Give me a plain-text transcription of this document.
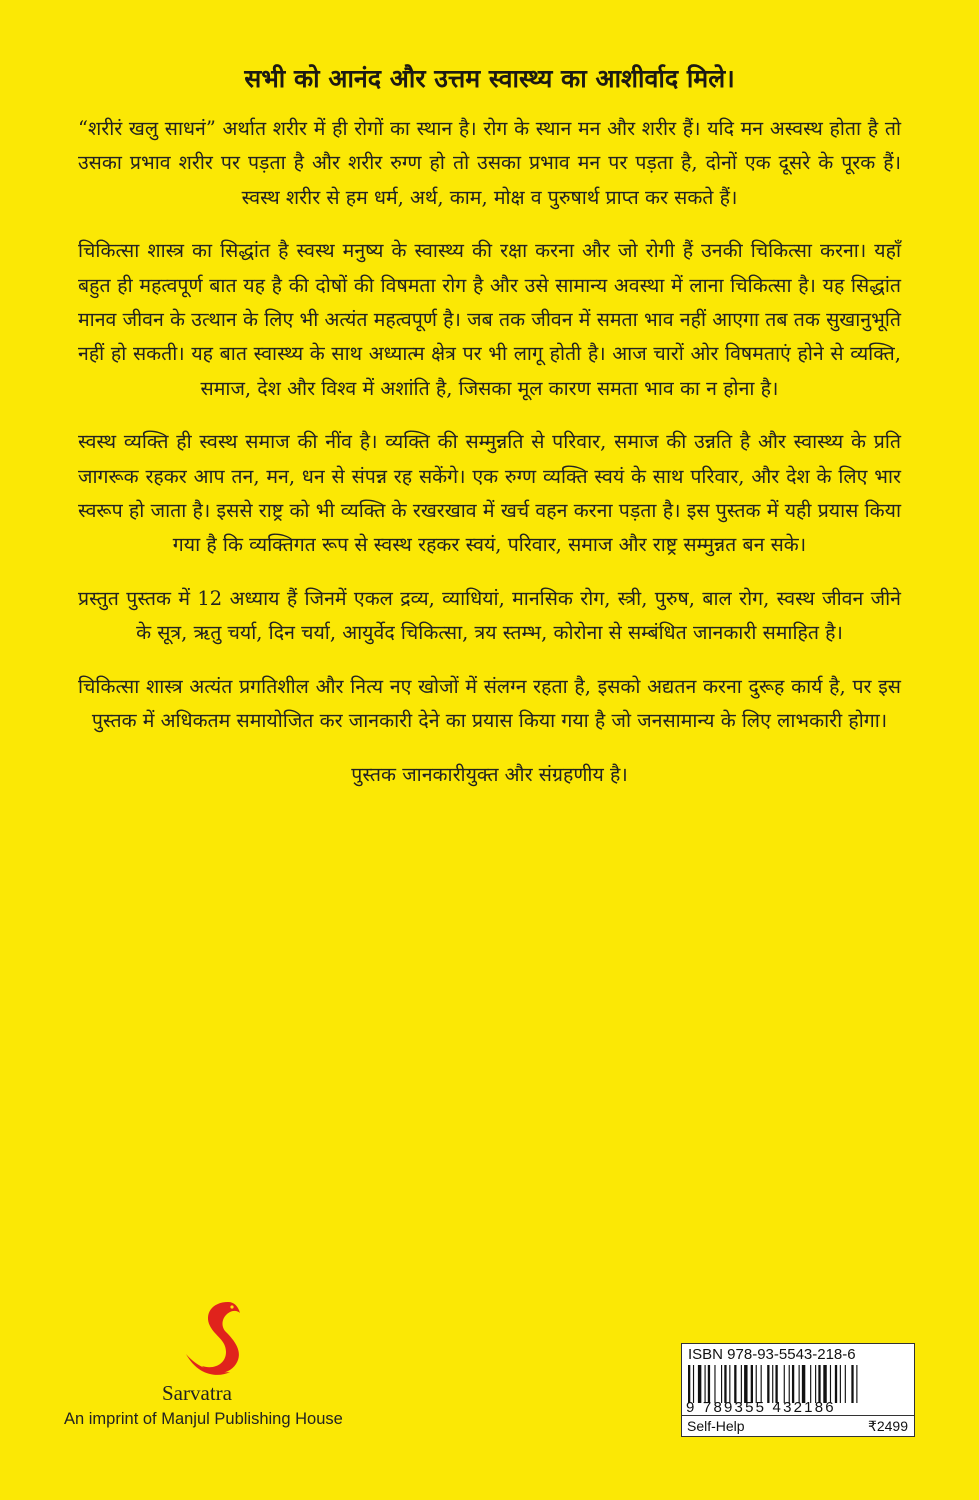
सभी को आनंद और उत्तम स्वास्थ्य का आशीर्वाद मिले।

“शरीरं खलु साधनं” अर्थात शरीर में ही रोगों का स्थान है। रोग के स्थान मन और शरीर हैं। यदि मन अस्वस्थ होता है तो उसका प्रभाव शरीर पर पड़ता है और शरीर रुग्ण हो तो उसका प्रभाव मन पर पड़ता है, दोनों एक दूसरे के पूरक हैं। स्वस्थ शरीर से हम धर्म, अर्थ, काम, मोक्ष व पुरुषार्थ प्राप्त कर सकते हैं।

चिकित्सा शास्त्र का सिद्धांत है स्वस्थ मनुष्य के स्वास्थ्य की रक्षा करना और जो रोगी हैं उनकी चिकित्सा करना। यहाँ बहुत ही महत्वपूर्ण बात यह है की दोषों की विषमता रोग है और उसे सामान्य अवस्था में लाना चिकित्सा है। यह सिद्धांत मानव जीवन के उत्थान के लिए भी अत्यंत महत्वपूर्ण है। जब तक जीवन में समता भाव नहीं आएगा तब तक सुखानुभूति नहीं हो सकती। यह बात स्वास्थ्य के साथ अध्यात्म क्षेत्र पर भी लागू होती है। आज चारों ओर विषमताएं होने से व्यक्ति, समाज, देश और विश्व में अशांति है, जिसका मूल कारण समता भाव का न होना है।

स्वस्थ व्यक्ति ही स्वस्थ समाज की नींव है। व्यक्ति की सम्मुन्नति से परिवार, समाज की उन्नति है और स्वास्थ्य के प्रति जागरूक रहकर आप तन, मन, धन से संपन्न रह सकेंगे। एक रुग्ण व्यक्ति स्वयं के साथ परिवार, और देश के लिए भार स्वरूप हो जाता है। इससे राष्ट्र को भी व्यक्ति के रखरखाव में खर्च वहन करना पड़ता है। इस पुस्तक में यही प्रयास किया गया है कि व्यक्तिगत रूप से स्वस्थ रहकर स्वयं, परिवार, समाज और राष्ट्र सम्मुन्नत बन सके।

प्रस्तुत पुस्तक में 12 अध्याय हैं जिनमें एकल द्रव्य, व्याधियां, मानसिक रोग, स्त्री, पुरुष, बाल रोग, स्वस्थ जीवन जीने के सूत्र, ऋतु चर्या, दिन चर्या, आयुर्वेद चिकित्सा, त्रय स्तम्भ, कोरोना से सम्बंधित जानकारी समाहित है।

चिकित्सा शास्त्र अत्यंत प्रगतिशील और नित्य नए खोजों में संलग्न रहता है, इसको अद्यतन करना दुरूह कार्य है, पर इस पुस्तक में अधिकतम समायोजित कर जानकारी देने का प्रयास किया गया है जो जनसामान्य के लिए लाभकारी होगा।

पुस्तक जानकारीयुक्त और संग्रहणीय है।

Sarvatra
An imprint of Manjul Publishing House
ISBN 978-93-5543-218-6
9 789355 432186
Self-Help	₹2499
